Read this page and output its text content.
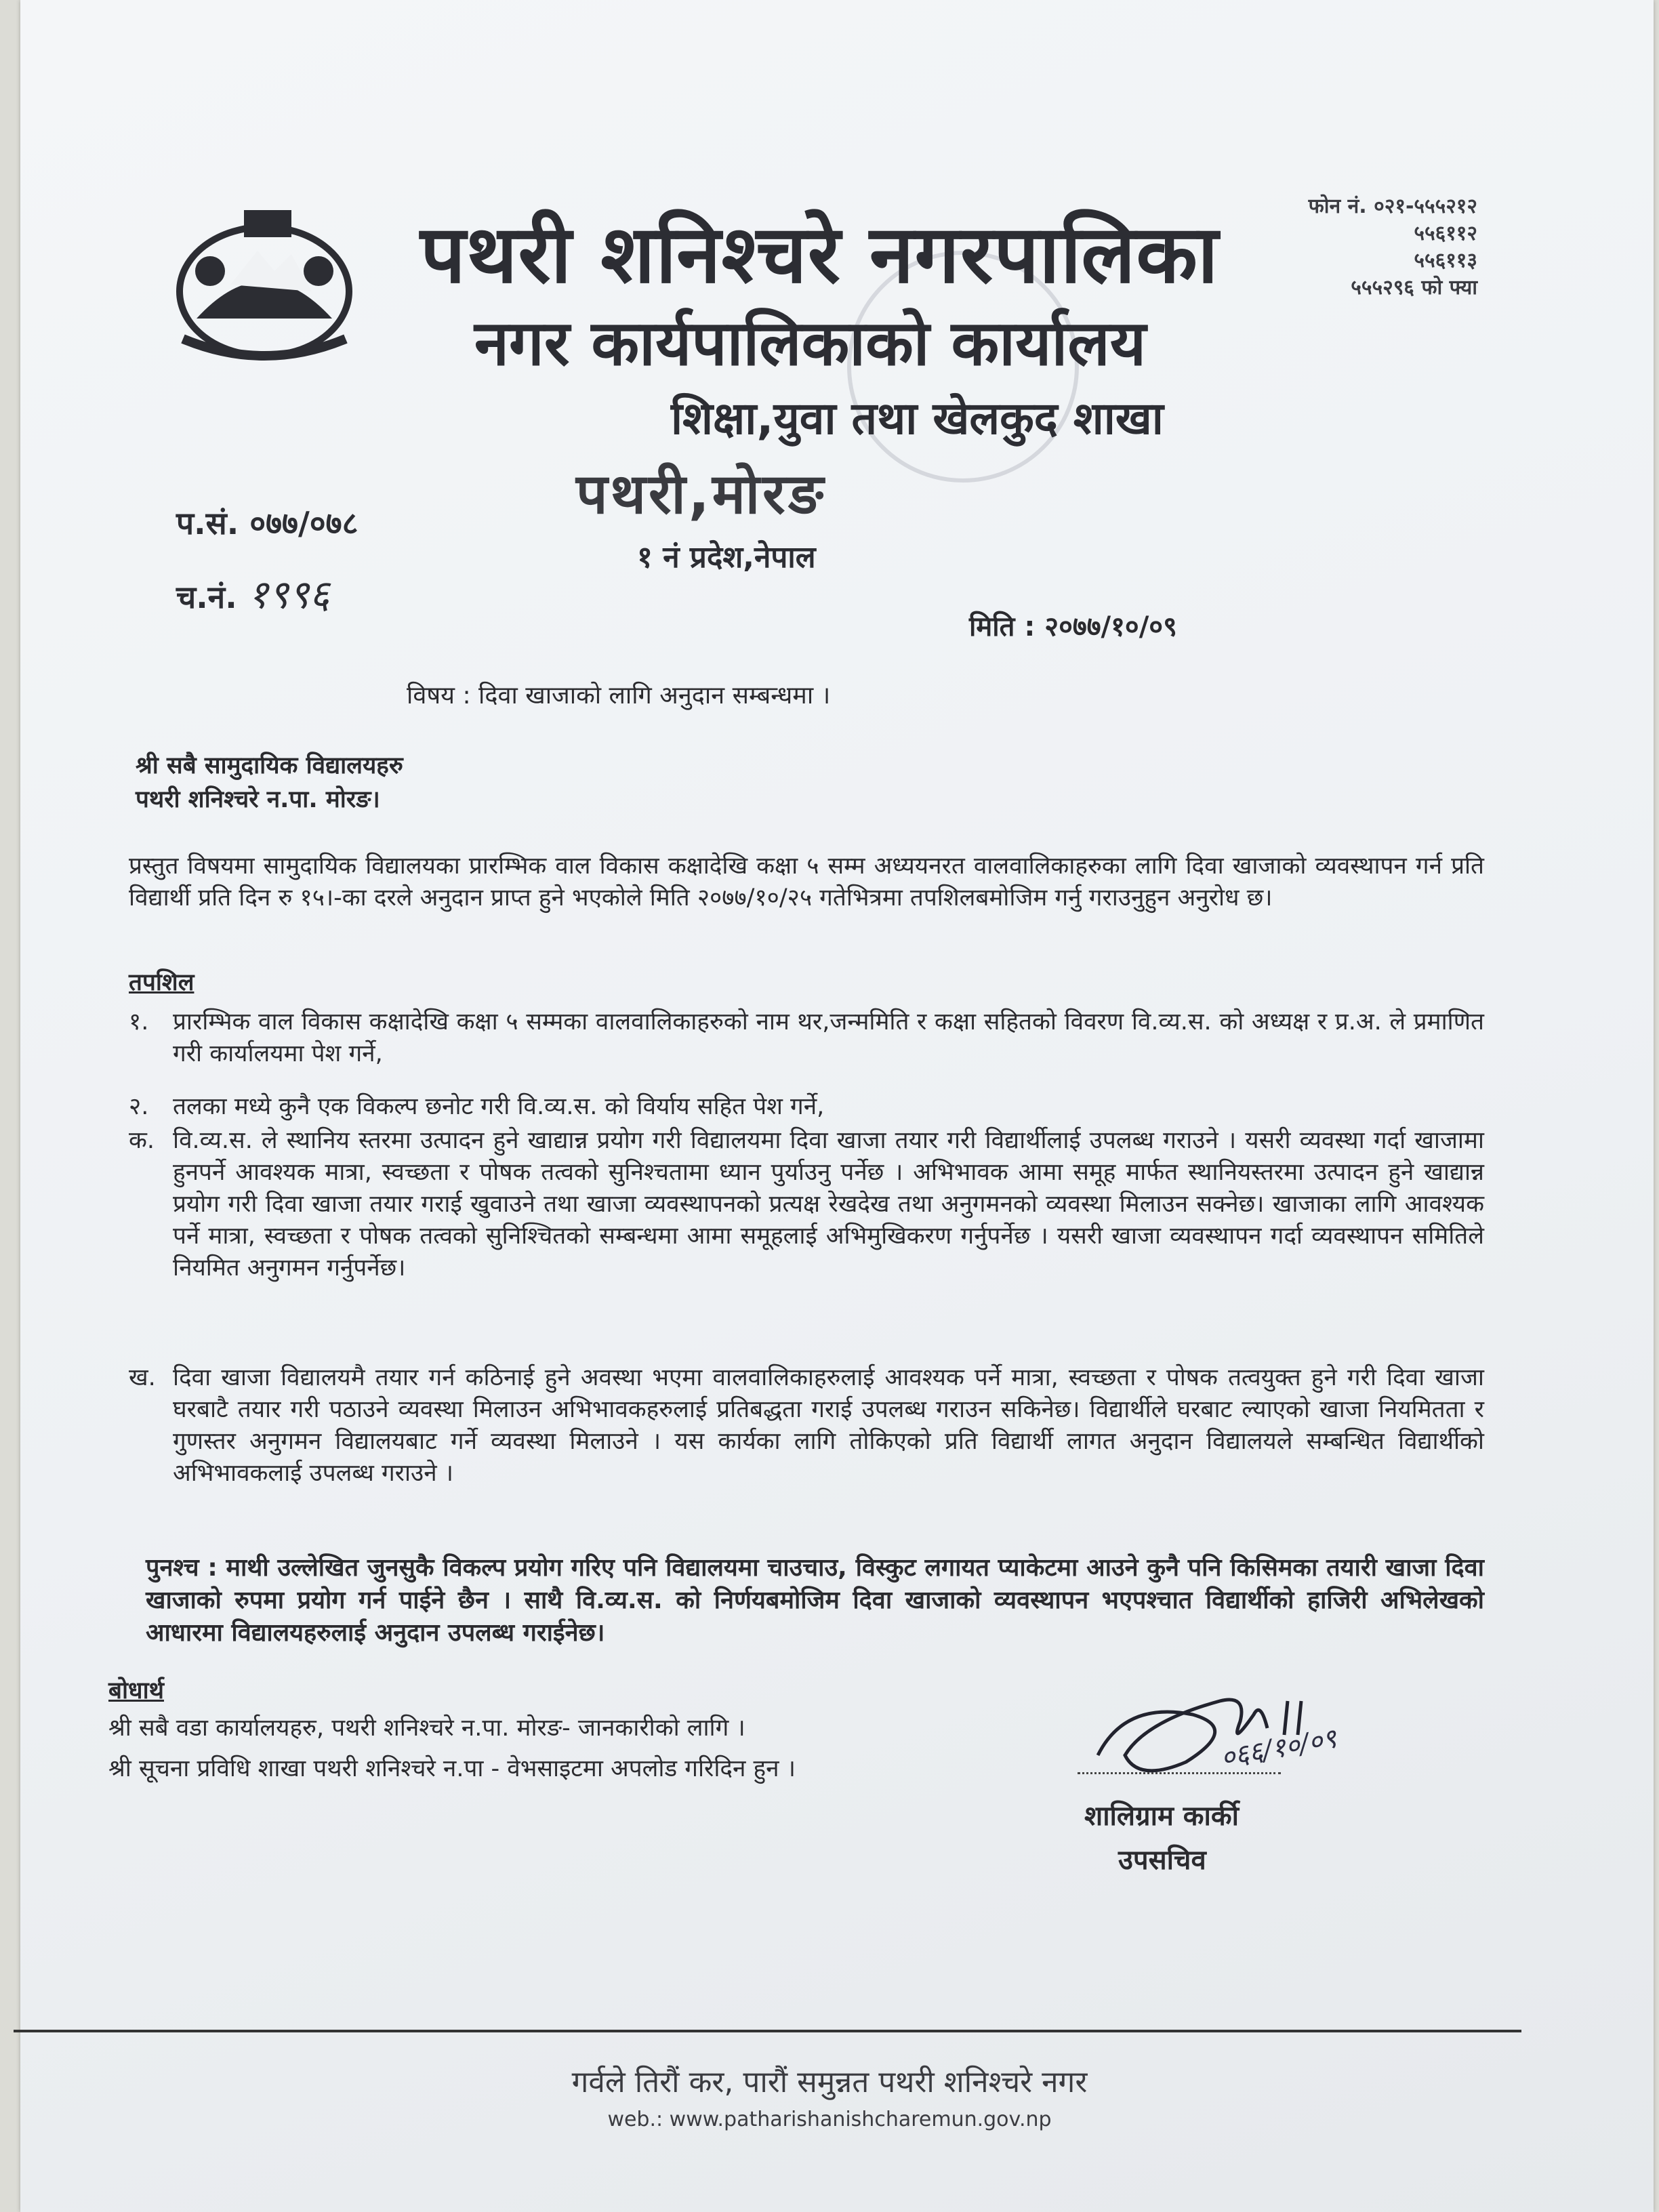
पथरी शनिश्चरे नगरपालिका
नगर कार्यपालिकाको कार्यालय
शिक्षा,युवा तथा खेलकुद शाखा
पथरी,मोरङ
१ नं प्रदेश,नेपाल
फोन नं. ०२१-५५५२१२
५५६११२
५५६११३
५५५२९६ फो फ्या
प.सं. ०७७/०७८
च.नं. १९९६
मिति : २०७७/१०/०९
विषय : दिवा खाजाको लागि अनुदान सम्बन्धमा ।
श्री सबै सामुदायिक विद्यालयहरु
पथरी शनिश्चरे न.पा. मोरङ।
प्रस्तुत विषयमा सामुदायिक विद्यालयका प्रारम्भिक वाल विकास कक्षादेखि कक्षा ५ सम्म अध्ययनरत वालवालिकाहरुका लागि दिवा खाजाको व्यवस्थापन गर्न प्रति विद्यार्थी प्रति दिन रु १५।-का दरले अनुदान प्राप्त हुने भएकोले मिति २०७७/१०/२५ गतेभित्रमा तपशिलबमोजिम गर्नु गराउनुहुन अनुरोध छ।
तपशिल
१. प्रारम्भिक वाल विकास कक्षादेखि कक्षा ५ सम्मका वालवालिकाहरुको नाम थर,जन्ममिति र कक्षा सहितको विवरण वि.व्य.स. को अध्यक्ष र प्र.अ. ले प्रमाणित गरी कार्यालयमा पेश गर्ने,
२. तलका मध्ये कुनै एक विकल्प छनोट गरी वि.व्य.स. को विर्याय सहित पेश गर्ने,
क. वि.व्य.स. ले स्थानिय स्तरमा उत्पादन हुने खाद्यान्न प्रयोग गरी विद्यालयमा दिवा खाजा तयार गरी विद्यार्थीलाई उपलब्ध गराउने । यसरी व्यवस्था गर्दा खाजामा हुनपर्ने आवश्यक मात्रा, स्वच्छता र पोषक तत्वको सुनिश्चतामा ध्यान पुर्याउनु पर्नेछ । अभिभावक आमा समूह मार्फत स्थानियस्तरमा उत्पादन हुने खाद्यान्न प्रयोग गरी दिवा खाजा तयार गराई खुवाउने तथा खाजा व्यवस्थापनको प्रत्यक्ष रेखदेख तथा अनुगमनको व्यवस्था मिलाउन सक्नेछ। खाजाका लागि आवश्यक पर्ने मात्रा, स्वच्छता र पोषक तत्वको सुनिश्चितको सम्बन्धमा आमा समूहलाई अभिमुखिकरण गर्नुपर्नेछ । यसरी खाजा व्यवस्थापन गर्दा व्यवस्थापन समितिले नियमित अनुगमन गर्नुपर्नेछ।
ख. दिवा खाजा विद्यालयमै तयार गर्न कठिनाई हुने अवस्था भएमा वालवालिकाहरुलाई आवश्यक पर्ने मात्रा, स्वच्छता र पोषक तत्वयुक्त हुने गरी दिवा खाजा घरबाटै तयार गरी पठाउने व्यवस्था मिलाउन अभिभावकहरुलाई प्रतिबद्धता गराई उपलब्ध गराउन सकिनेछ। विद्यार्थीले घरबाट ल्याएको खाजा नियमितता र गुणस्तर अनुगमन विद्यालयबाट गर्ने व्यवस्था मिलाउने । यस कार्यका लागि तोकिएको प्रति विद्यार्थी लागत अनुदान विद्यालयले सम्बन्धित विद्यार्थीको अभिभावकलाई उपलब्ध गराउने ।
पुनश्च : माथी उल्लेखित जुनसुकै विकल्प प्रयोग गरिए पनि विद्यालयमा चाउचाउ, विस्कुट लगायत प्याकेटमा आउने कुनै पनि किसिमका तयारी खाजा दिवा खाजाको रुपमा प्रयोग गर्न पाईने छैन । साथै वि.व्य.स. को निर्णयबमोजिम दिवा खाजाको व्यवस्थापन भएपश्चात विद्यार्थीको हाजिरी अभिलेखको आधारमा विद्यालयहरुलाई अनुदान उपलब्ध गराईनेछ।
बोधार्थ
श्री सबै वडा कार्यालयहरु, पथरी शनिश्चरे न.पा. मोरङ- जानकारीको लागि ।
श्री सूचना प्रविधि शाखा पथरी शनिश्चरे न.पा - वेभसाइटमा अपलोड गरिदिन हुन ।	०६६/१०/०९
शालिग्राम कार्की
उपसचिव
गर्वले तिरौं कर, पारौं समुन्नत पथरी शनिश्चरे नगर
web.: www.patharishanishcharemun.gov.np
